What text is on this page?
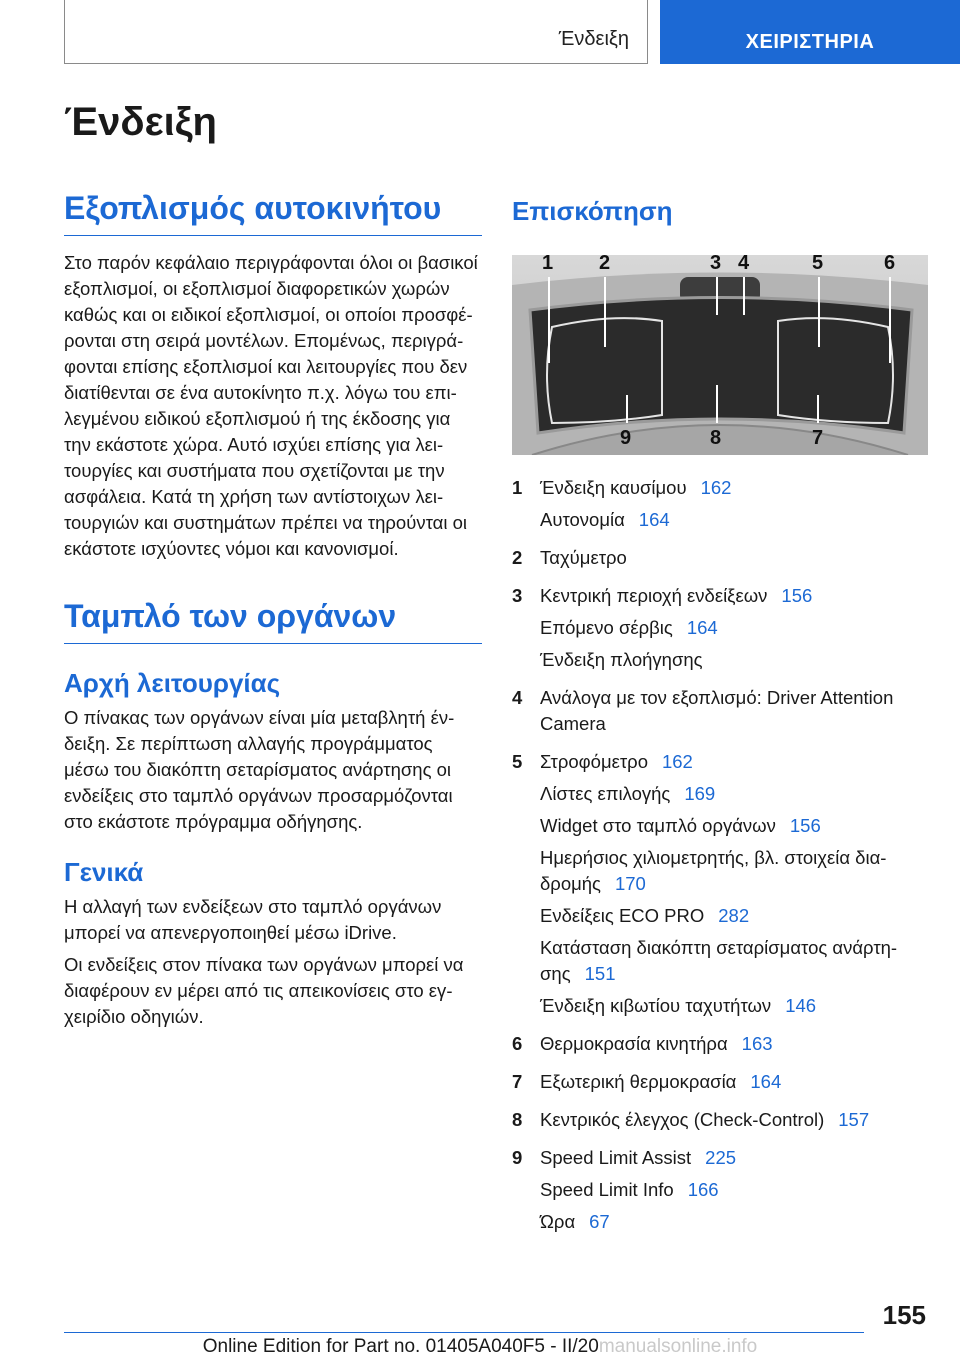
Ένδειξη	ΧΕΙΡΙΣΤΗΡΙΑ
Ένδειξη
Εξοπλισμός αυτοκινήτου

Στο παρόν κεφάλαιο περιγράφονται όλοι οι βασικοί εξοπλισμοί, οι εξοπλισμοί διαφορετικών χωρών καθώς και οι ειδικοί εξοπλισμοί, οι οποίοι προσφέρονται στη σειρά μοντέλων. Επομένως, περιγράφονται επίσης εξοπλισμοί και λειτουργίες που δεν διατίθενται σε ένα αυτοκίνητο π.χ. λόγω του επιλεγμένου ειδικού εξοπλισμού ή της έκδοσης για την εκάστοτε χώρα. Αυτό ισχύει επίσης για λειτουργίες και συστήματα που σχετίζονται με την ασφάλεια. Κατά τη χρήση των αντίστοιχων λειτουργιών και συστημάτων πρέπει να τηρούνται οι εκάστοτε ισχύοντες νόμοι και κανονισμοί.

Ταμπλό των οργάνων
Αρχή λειτουργίας

Ο πίνακας των οργάνων είναι μία μεταβλητή ένδειξη. Σε περίπτωση αλλαγής προγράμματος μέσω του διακόπτη σεταρίσματος ανάρτησης οι ενδείξεις στο ταμπλό οργάνων προσαρμόζονται στο εκάστοτε πρόγραμμα οδήγησης.

Γενικά

Η αλλαγή των ενδείξεων στο ταμπλό οργάνων μπορεί να απενεργοποιηθεί μέσω iDrive.

Οι ενδείξεις στον πίνακα των οργάνων μπορεί να διαφέρουν εν μέρει από τις απεικονίσεις στο εγχειρίδιο οδηγιών.

Επισκόπηση
1 2	3 4	5	6
9	8	7
1 Ένδειξη καυσίμου 162
Αυτονομία 164
2 Ταχύμετρο
3 Κεντρική περιοχή ενδείξεων 156
Επόμενο σέρβις 164
Ένδειξη πλοήγησης
4 Ανάλογα με τον εξοπλισμό: Driver Attention Camera
5 Στροφόμετρο 162
Λίστες επιλογής 169
Widget στο ταμπλό οργάνων 156
Ημερήσιος χιλιομετρητής, βλ. στοιχεία διαδρομής 170
Ενδείξεις ECO PRO 282
Κατάσταση διακόπτη σεταρίσματος ανάρτησης 151
Ένδειξη κιβωτίου ταχυτήτων 146
6 Θερμοκρασία κινητήρα 163
7 Εξωτερική θερμοκρασία 164
8 Κεντρικός έλεγχος (Check-Control) 157
9 Speed Limit Assist 225
Speed Limit Info 166
Ώρα 67
155
Online Edition for Part no. 01405A040F5 - II/20manualsonline.info
